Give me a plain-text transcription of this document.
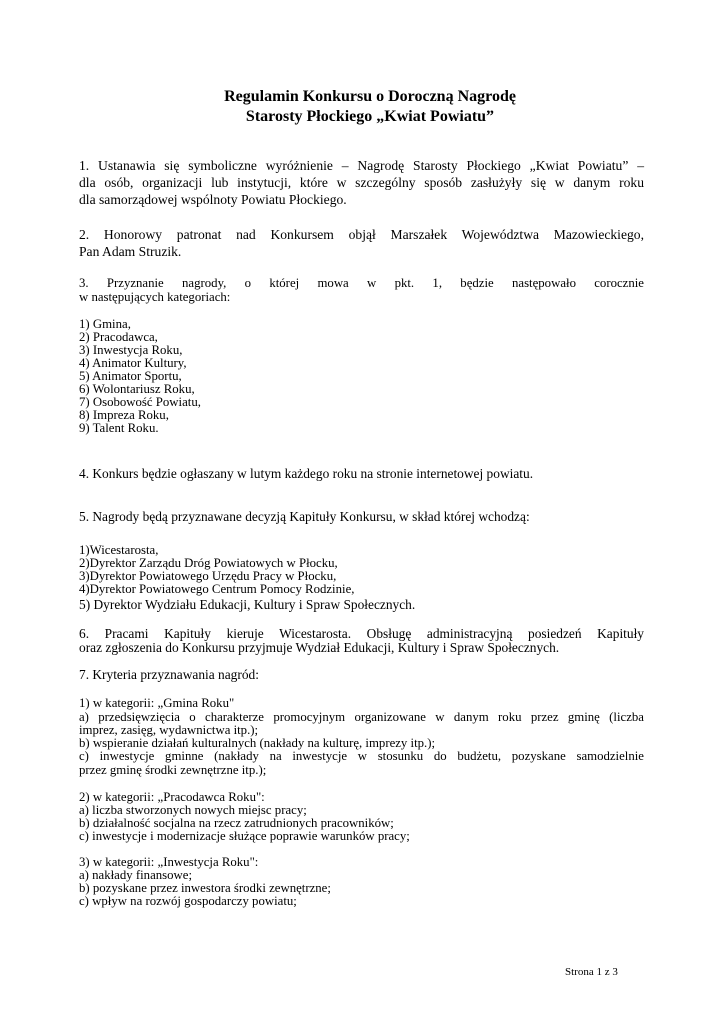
Regulamin Konkursu o Doroczną Nagrodę
Starosty Płockiego „Kwiat Powiatu”
1. Ustanawia się symboliczne wyróżnienie – Nagrodę Starosty Płockiego „Kwiat Powiatu” –
dla osób, organizacji lub instytucji, które w szczególny sposób zasłużyły się w danym roku
dla samorządowej wspólnoty Powiatu Płockiego.
2. Honorowy patronat nad Konkursem objął Marszałek Województwa Mazowieckiego,
Pan Adam Struzik.
3. Przyznanie nagrody, o której mowa w pkt. 1, będzie następowało corocznie
w następujących kategoriach:
1) Gmina,
2) Pracodawca,
3) Inwestycja Roku,
4) Animator Kultury,
5) Animator Sportu,
6) Wolontariusz Roku,
7) Osobowość Powiatu,
8) Impreza Roku,
9) Talent Roku.
4. Konkurs będzie ogłaszany w lutym każdego roku na stronie internetowej powiatu.
5. Nagrody będą przyznawane decyzją Kapituły Konkursu, w skład której wchodzą:
1)Wicestarosta,
2)Dyrektor Zarządu Dróg Powiatowych w Płocku,
3)Dyrektor Powiatowego Urzędu Pracy w Płocku,
4)Dyrektor Powiatowego Centrum Pomocy Rodzinie,
5) Dyrektor Wydziału Edukacji, Kultury i Spraw Społecznych.
6. Pracami Kapituły kieruje Wicestarosta. Obsługę administracyjną posiedzeń Kapituły
oraz zgłoszenia do Konkursu przyjmuje Wydział Edukacji, Kultury i Spraw Społecznych.
7. Kryteria przyznawania nagród:
1) w kategorii: „Gmina Roku"
a) przedsięwzięcia o charakterze promocyjnym organizowane w danym roku przez gminę (liczba
imprez, zasięg, wydawnictwa itp.);
b) wspieranie działań kulturalnych (nakłady na kulturę, imprezy itp.);
c) inwestycje gminne (nakłady na inwestycje w stosunku do budżetu, pozyskane samodzielnie
przez gminę środki zewnętrzne itp.);
2) w kategorii: „Pracodawca Roku":
a) liczba stworzonych nowych miejsc pracy;
b) działalność socjalna na rzecz zatrudnionych pracowników;
c) inwestycje i modernizacje służące poprawie warunków pracy;
3) w kategorii: „Inwestycja Roku":
a) nakłady finansowe;
b) pozyskane przez inwestora środki zewnętrzne;
c) wpływ na rozwój gospodarczy powiatu;
Strona 1 z 3
